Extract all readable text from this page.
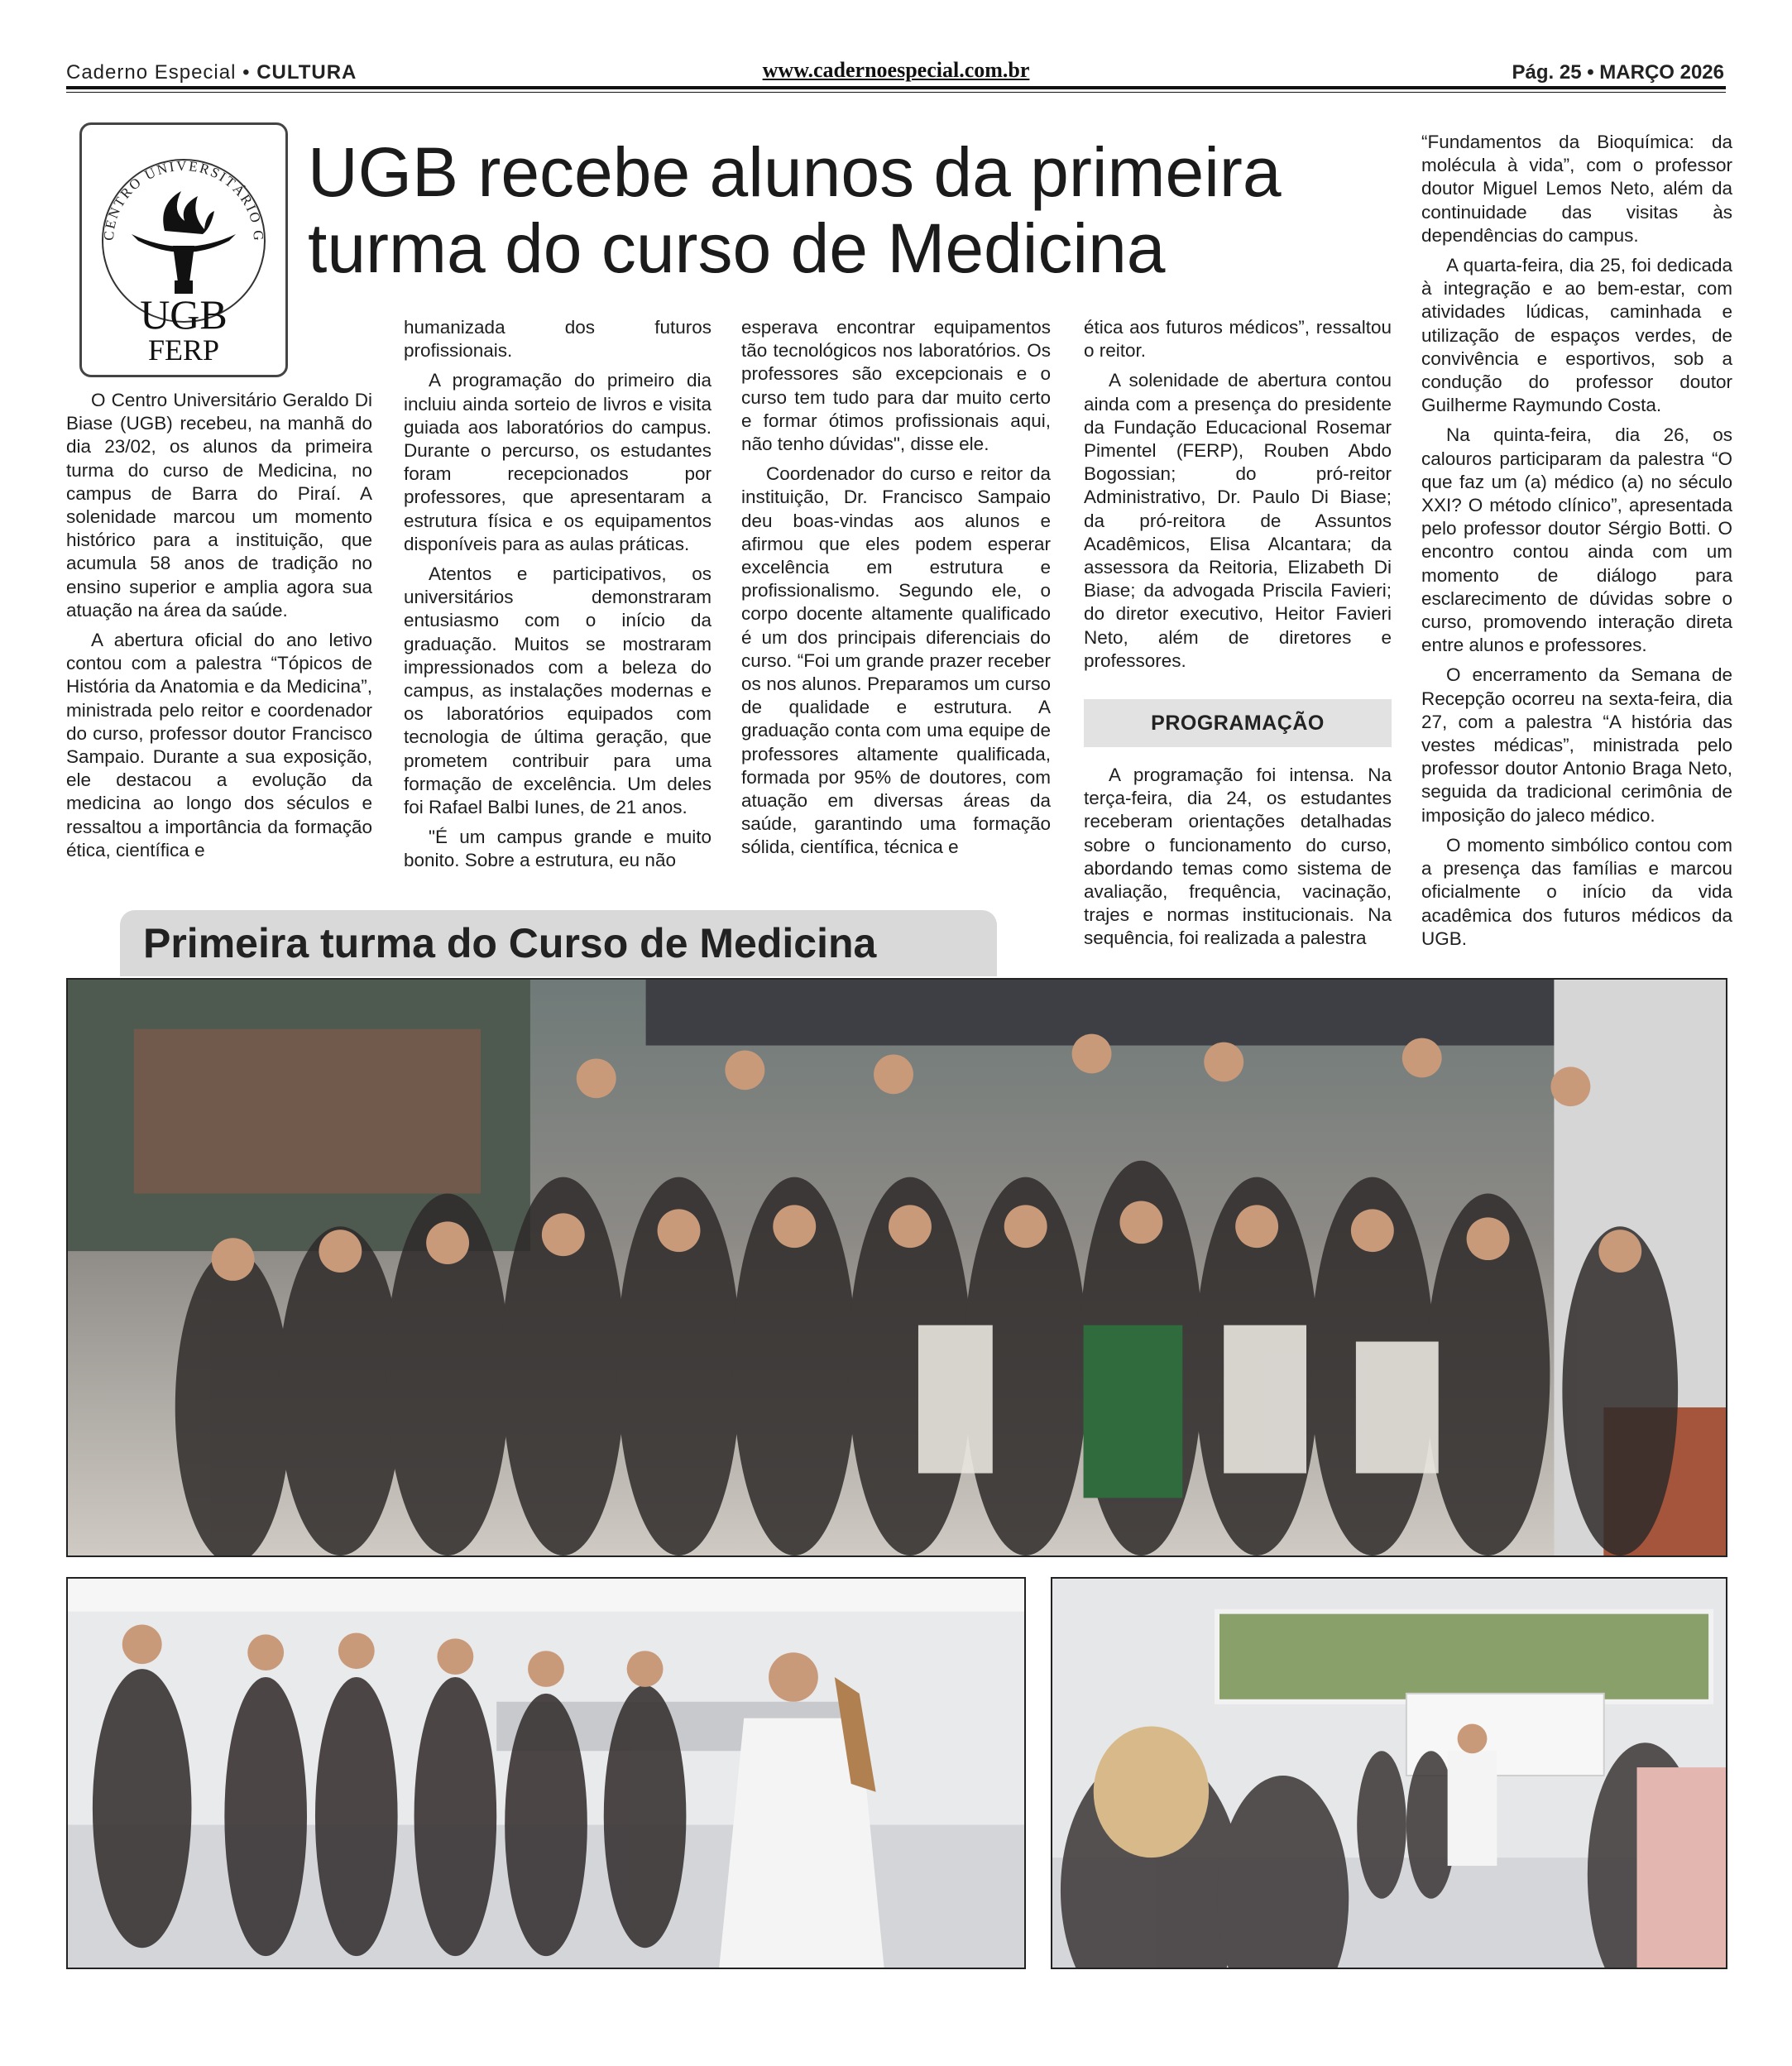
Caderno Especial • CULTURA	www.cadernoespecial.com.br	Pág. 25 • MARÇO 2026
CENTRO UNIVERSITÁRIO G
UGB
FERP
UGB recebe alunos da primeira turma do curso de Medicina

O Centro Universitário Geraldo Di Biase (UGB) recebeu, na manhã do dia 23/02, os alunos da primeira turma do curso de Medicina, no campus de Barra do Piraí. A solenidade marcou um momento histórico para a instituição, que acumula 58 anos de tradição no ensino superior e amplia agora sua atuação na área da saúde.

A abertura oficial do ano letivo contou com a palestra “Tópicos de História da Anatomia e da Medicina”, ministrada pelo reitor e coordenador do curso, professor doutor Francisco Sampaio. Durante a sua exposição, ele destacou a evolução da medicina ao longo dos séculos e ressaltou a importância da formação ética, científica e

humanizada dos futuros profissionais.

A programação do primeiro dia incluiu ainda sorteio de livros e visita guiada aos laboratórios do campus. Durante o percurso, os estudantes foram recepcionados por professores, que apresentaram a estrutura física e os equipamentos disponíveis para as aulas práticas.

Atentos e participativos, os universitários demonstraram entusiasmo com o início da graduação. Muitos se mostraram impressionados com a beleza do campus, as instalações modernas e os laboratórios equipados com tecnologia de última geração, que prometem contribuir para uma formação de excelência. Um deles foi Rafael Balbi Iunes, de 21 anos.

"É um campus grande e muito bonito. Sobre a estrutura, eu não

esperava encontrar equipamentos tão tecnológicos nos laboratórios. Os professores são excepcionais e o curso tem tudo para dar muito certo e formar ótimos profissionais aqui, não tenho dúvidas", disse ele.

Coordenador do curso e reitor da instituição, Dr. Francisco Sampaio deu boas-vindas aos alunos e afirmou que eles podem esperar excelência em estrutura e profissionalismo. Segundo ele, o corpo docente altamente qualificado é um dos principais diferenciais do curso. “Foi um grande prazer receber os nos alunos. Preparamos um curso de qualidade e estrutura. A graduação conta com uma equipe de professores altamente qualificada, formada por 95% de doutores, com atuação em diversas áreas da saúde, garantindo uma formação sólida, científica, técnica e

ética aos futuros médicos”, ressaltou o reitor.

A solenidade de abertura contou ainda com a presença do presidente da Fundação Educacional Rosemar Pimentel (FERP), Rouben Abdo Bogossian; do pró-reitor Administrativo, Dr. Paulo Di Biase; da pró-reitora de Assuntos Acadêmicos, Elisa Alcantara; da assessora da Reitoria, Elizabeth Di Biase; da advogada Priscila Favieri; do diretor executivo, Heitor Favieri Neto, além de diretores e professores.

PROGRAMAÇÃO

A programação foi intensa. Na terça-feira, dia 24, os estudantes receberam orientações detalhadas sobre o funcionamento do curso, abordando temas como sistema de avaliação, frequência, vacinação, trajes e normas institucionais. Na sequência, foi realizada a palestra

“Fundamentos da Bioquímica: da molécula à vida”, com o professor doutor Miguel Lemos Neto, além da continuidade das visitas às dependências do campus.

A quarta-feira, dia 25, foi dedicada à integração e ao bem-estar, com atividades lúdicas, caminhada e utilização de espaços verdes, de convivência e esportivos, sob a condução do professor doutor Guilherme Raymundo Costa.

Na quinta-feira, dia 26, os calouros participaram da palestra “O que faz um (a) médico (a) no século XXI? O método clínico”, apresentada pelo professor doutor Sérgio Botti. O encontro contou ainda com um momento de diálogo para esclarecimento de dúvidas sobre o curso, promovendo interação direta entre alunos e professores.

O encerramento da Semana de Recepção ocorreu na sexta-feira, dia 27, com a palestra “A história das vestes médicas”, ministrada pelo professor doutor Antonio Braga Neto, seguida da tradicional cerimônia de imposição do jaleco médico.

O momento simbólico contou com a presença das famílias e marcou oficialmente o início da vida acadêmica dos futuros médicos da UGB.

Primeira turma do Curso de Medicina
